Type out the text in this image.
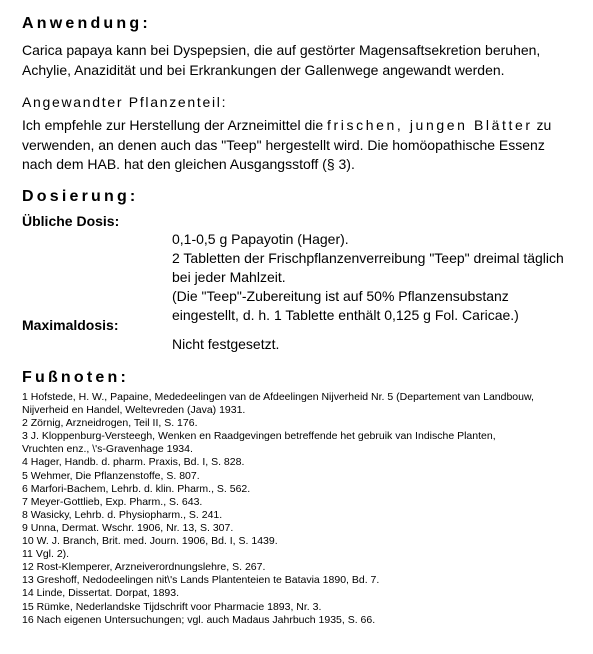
Anwendung:
Carica papaya kann bei Dyspepsien, die auf gestörter Magensaftsekretion beruhen,
Achylie, Anazidität und bei Erkrankungen der Gallenwege angewandt werden.
Angewandter Pflanzenteil:
Ich empfehle zur Herstellung der Arzneimittel die frischen, jungen Blätter zu
verwenden, an denen auch das "Teep" hergestellt wird. Die homöopathische Essenz
nach dem HAB. hat den gleichen Ausgangsstoff (§ 3).
Dosierung:
Übliche Dosis:
0,1-0,5 g Papayotin (Hager).
2 Tabletten der Frischpflanzenverreibung "Teep" dreimal täglich
bei jeder Mahlzeit.
(Die "Teep"-Zubereitung ist auf 50% Pflanzensubstanz
eingestellt, d. h. 1 Tablette enthält 0,125 g Fol. Caricae.)
Maximaldosis:
Nicht festgesetzt.
Fußnoten:
1 Hofstede, H. W., Papaine, Mededeelingen van de Afdeelingen Nijverheid Nr. 5 (Departement van Landbouw,
Nijverheid en Handel, Weltevreden (Java) 1931.
2 Zörnig, Arzneidrogen, Teil II, S. 176.
3 J. Kloppenburg-Versteegh, Wenken en Raadgevingen betreffende het gebruik van Indische Planten,
Vruchten enz., \'s-Gravenhage 1934.
4 Hager, Handb. d. pharm. Praxis, Bd. I, S. 828.
5 Wehmer, Die Pflanzenstoffe, S. 807.
6 Marfori-Bachem, Lehrb. d. klin. Pharm., S. 562.
7 Meyer-Gottlieb, Exp. Pharm., S. 643.
8 Wasicky, Lehrb. d. Physiopharm., S. 241.
9 Unna, Dermat. Wschr. 1906, Nr. 13, S. 307.
10 W. J. Branch, Brit. med. Journ. 1906, Bd. I, S. 1439.
11 Vgl. 2).
12 Rost-Klemperer, Arzneiverordnungslehre, S. 267.
13 Greshoff, Nedodeelingen nit\'s Lands Plantenteien te Batavia 1890, Bd. 7.
14 Linde, Dissertat. Dorpat, 1893.
15 Rümke, Nederlandske Tijdschrift voor Pharmacie 1893, Nr. 3.
16 Nach eigenen Untersuchungen; vgl. auch Madaus Jahrbuch 1935, S. 66.
